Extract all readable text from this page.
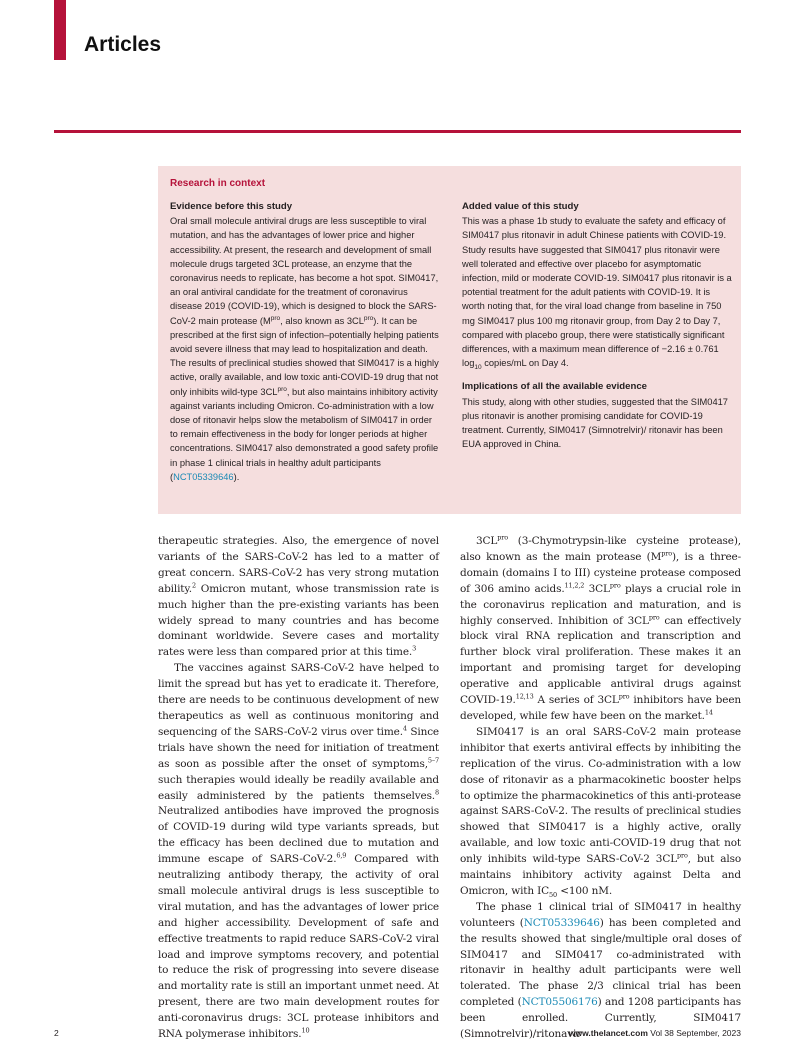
Articles
Research in context
Evidence before this study

Oral small molecule antiviral drugs are less susceptible to viral mutation, and has the advantages of lower price and higher accessibility. At present, the research and development of small molecule drugs targeted 3CL protease, an enzyme that the coronavirus needs to replicate, has become a hot spot. SIM0417, an oral antiviral candidate for the treatment of coronavirus disease 2019 (COVID-19), which is designed to block the SARS-CoV-2 main protease ($M^{pro}$, also known as $3CL^{pro}$). It can be prescribed at the first sign of infection–potentially helping patients avoid severe illness that may lead to hospitalization and death. The results of preclinical studies showed that SIM0417 is a highly active, orally available, and low toxic anti-COVID-19 drug that not only inhibits wild-type $3CL^{pro}$, but also maintains inhibitory activity against variants including Omicron. Co-administration with a low dose of ritonavir helps slow the metabolism of SIM0417 in order to remain effectiveness in the body for longer periods at higher concentrations. SIM0417 also demonstrated a good safety profile in phase 1 clinical trials in healthy adult participants (NCT05339646).

Added value of this study

This was a phase 1b study to evaluate the safety and efficacy of SIM0417 plus ritonavir in adult Chinese patients with COVID-19. Study results have suggested that SIM0417 plus ritonavir were well tolerated and effective over placebo for asymptomatic infection, mild or moderate COVID-19. SIM0417 plus ritonavir is a potential treatment for the adult patients with COVID-19. It is worth noting that, for the viral load change from baseline in 750 mg SIM0417 plus 100 mg ritonavir group, from Day 2 to Day 7, compared with placebo group, there were statistically significant differences, with a maximum mean difference of −2.16 ± 0.761 $\log_{10}$ copies/mL on Day 4.

Implications of all the available evidence

This study, along with other studies, suggested that the SIM0417 plus ritonavir is another promising candidate for COVID-19 treatment. Currently, SIM0417 (Simnotrelvir)/ ritonavir has been EUA approved in China.

therapeutic strategies. Also, the emergence of novel variants of the SARS-CoV-2 has led to a matter of great concern. SARS-CoV-2 has very strong mutation ability.$^2$ Omicron mutant, whose transmission rate is much higher than the pre-existing variants has been widely spread to many countries and has become dominant worldwide. Severe cases and mortality rates were less than compared prior at this time.$^3$

The vaccines against SARS-CoV-2 have helped to limit the spread but has yet to eradicate it. Therefore, there are needs to be continuous development of new therapeutics as well as continuous monitoring and sequencing of the SARS-CoV-2 virus over time.$^4$ Since trials have shown the need for initiation of treatment as soon as possible after the onset of symptoms,$^{5-7}$ such therapies would ideally be readily available and easily administered by the patients themselves.$^8$ Neutralized antibodies have improved the prognosis of COVID-19 during wild type variants spreads, but the efficacy has been declined due to mutation and immune escape of SARS-CoV-2.$^{6,9}$ Compared with neutralizing antibody therapy, the activity of oral small molecule antiviral drugs is less susceptible to viral mutation, and has the advantages of lower price and higher accessibility. Development of safe and effective treatments to rapid reduce SARS-CoV-2 viral load and improve symptoms recovery, and potential to reduce the risk of progressing into severe disease and mortality rate is still an important unmet need. At present, there are two main development routes for anti-coronavirus drugs: 3CL protease inhibitors and RNA polymerase inhibitors.$^{10}$

$3CL^{pro}$ (3-Chymotrypsin-like cysteine protease), also known as the main protease $(M^{pro})$, is a three-domain (domains I to III) cysteine protease composed of 306 amino acids.$^{11,2,2}$ $3CL^{pro}$ plays a crucial role in the coronavirus replication and maturation, and is highly conserved. Inhibition of $3CL^{pro}$ can effectively block viral RNA replication and transcription and further block viral proliferation. These makes it an important and promising target for developing operative and applicable antiviral drugs against COVID-19.$^{12,13}$ A series of $3CL^{pro}$ inhibitors have been developed, while few have been on the market.$^{14}$

SIM0417 is an oral SARS-CoV-2 main protease inhibitor that exerts antiviral effects by inhibiting the replication of the virus. Co-administration with a low dose of ritonavir as a pharmacokinetic booster helps to optimize the pharmacokinetics of this anti-protease against SARS-CoV-2. The results of preclinical studies showed that SIM0417 is a highly active, orally available, and low toxic anti-COVID-19 drug that not only inhibits wild-type SARS-CoV-2 $3CL^{pro}$, but also maintains inhibitory activity against Delta and Omicron, with $IC_{50} <100$ nM.

The phase 1 clinical trial of SIM0417 in healthy volunteers (NCT05339646) has been completed and the results showed that single/multiple oral doses of SIM0417 and SIM0417 co-administrated with ritonavir in healthy adult participants were well tolerated. The phase 2/3 clinical trial has been completed (NCT05506176) and 1208 participants has been enrolled. Currently, SIM0417 (Simnotrelvir)/ritonavir

2	www.thelancet.com Vol 38 September, 2023
